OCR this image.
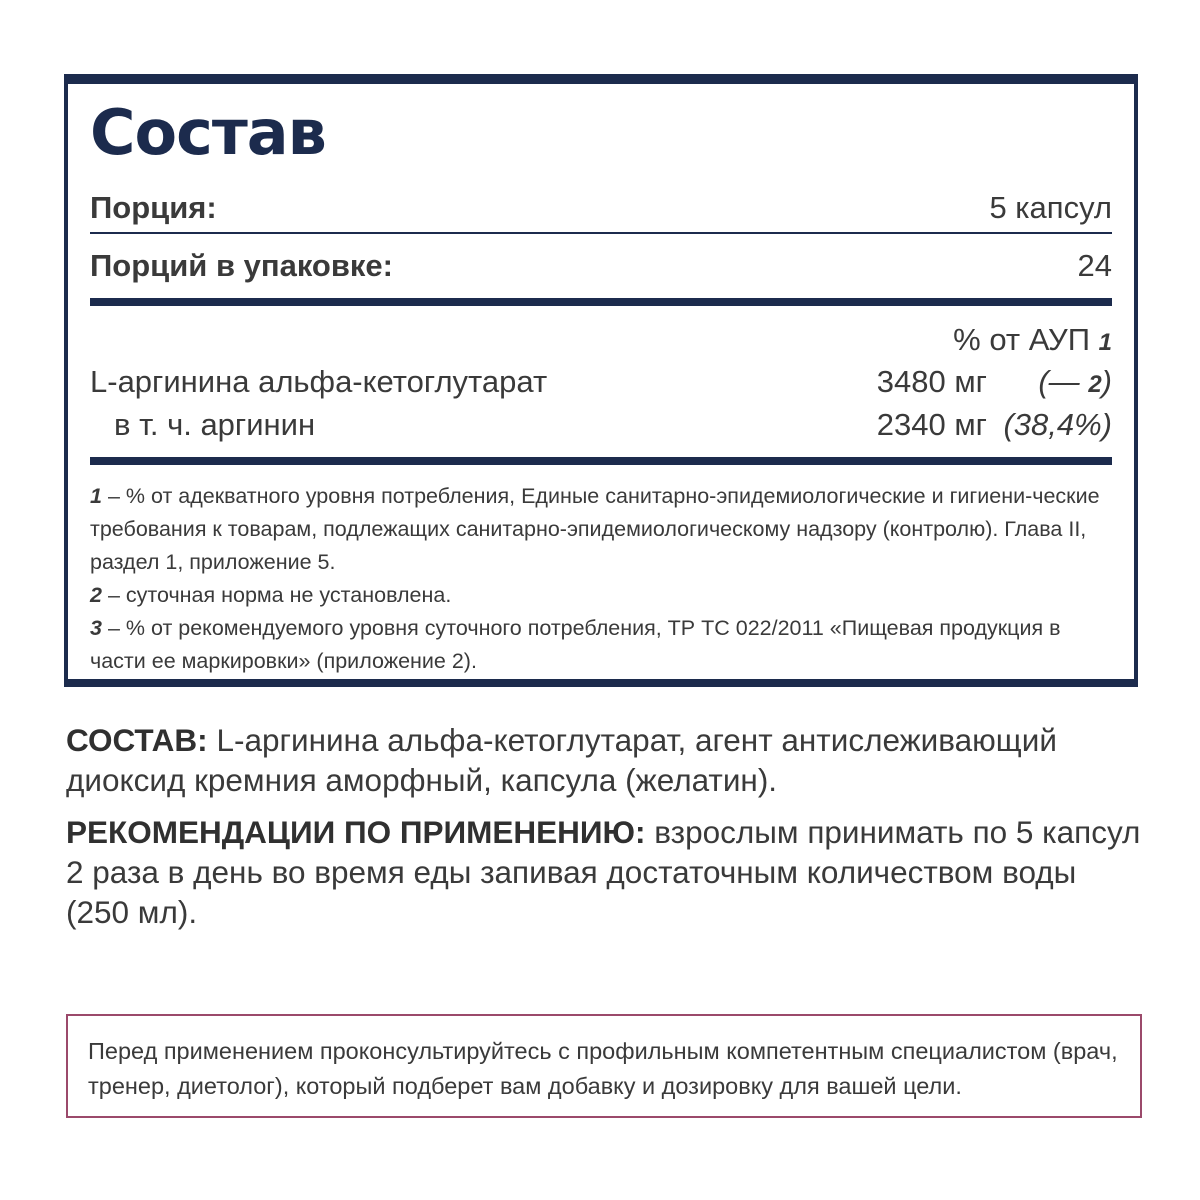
Состав
Порция:	5 капсул
Порций в упаковке:	24
% от АУП 1
L-аргинина альфа-кетоглутарат	3480 мг (— 2)
в т. ч. аргинин	2340 мг (38,4%)
1 – % от адекватного уровня потребления, Единые санитарно-эпидемиологические и гигиени-ческие требования к товарам, подлежащих санитарно-эпидемиологическому надзору (контролю). Глава II, раздел 1, приложение 5.
2 – суточная норма не установлена.
3 – % от рекомендуемого уровня суточного потребления, ТР ТС 022/2011 «Пищевая продукция в части ее маркировки» (приложение 2).
СОСТАВ: L-аргинина альфа-кетоглутарат, агент антислеживающий диоксид кремния аморфный, капсула (желатин).
РЕКОМЕНДАЦИИ ПО ПРИМЕНЕНИЮ: взрослым принимать по 5 капсул 2 раза в день во время еды запивая достаточным количеством воды (250 мл).
Перед применением проконсультируйтесь с профильным компетентным специалистом (врач, тренер, диетолог), который подберет вам добавку и дозировку для вашей цели.
